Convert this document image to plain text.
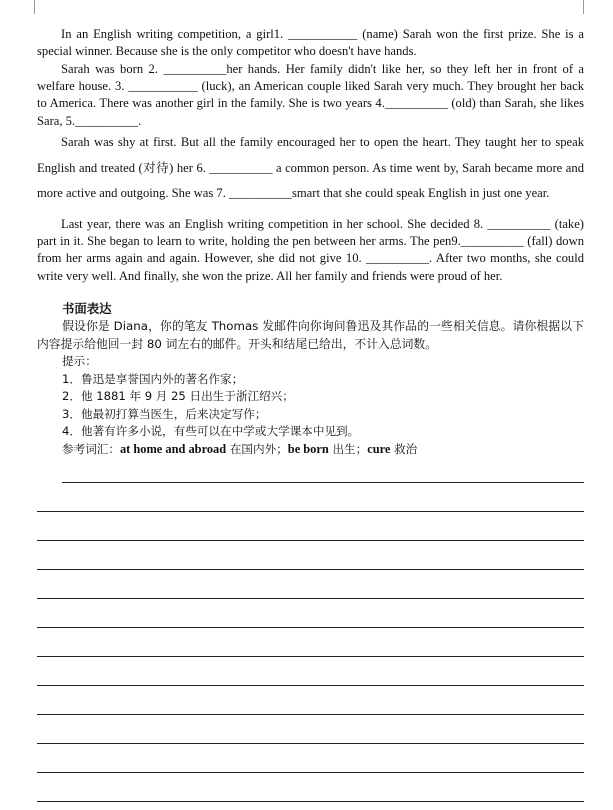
In an English writing competition, a girl1. ___________ (name) Sarah won the first prize. She is a special winner. Because she is the only competitor who doesn't have hands.

Sarah was born 2. __________her hands. Her family didn't like her, so they left her in front of a welfare house. 3. ___________ (luck), an American couple liked Sarah very much. They brought her back to America. There was another girl in the family. She is two years 4.__________ (old) than Sarah, she likes Sara, 5.__________.

Sarah was shy at first. But all the family encouraged her to open the heart. They taught her to speak English and treated (对待) her 6. __________ a common person. As time went by, Sarah became more and more active and outgoing. She was 7. __________smart that she could speak English in just one year.

Last year, there was an English writing competition in her school. She decided 8. __________ (take) part in it. She began to learn to write, holding the pen between her arms. The pen9.__________ (fall) down from her arms again and again. However, she did not give 10. __________. After two months, she could write very well. And finally, she won the prize. All her family and friends were proud of her.

书面表达

假设你是 Diana，你的笔友 Thomas 发邮件向你询问鲁迅及其作品的一些相关信息。请你根据以下内容提示给他回一封 80 词左右的邮件。开头和结尾已给出，不计入总词数。

提示：

1．鲁迅是享誉国内外的著名作家；

2．他 1881 年 9 月 25 日出生于浙江绍兴；

3．他最初打算当医生，后来决定写作；

4．他著有许多小说，有些可以在中学或大学课本中见到。

参考词汇：at home and abroad 在国内外；be born 出生；cure 救治
